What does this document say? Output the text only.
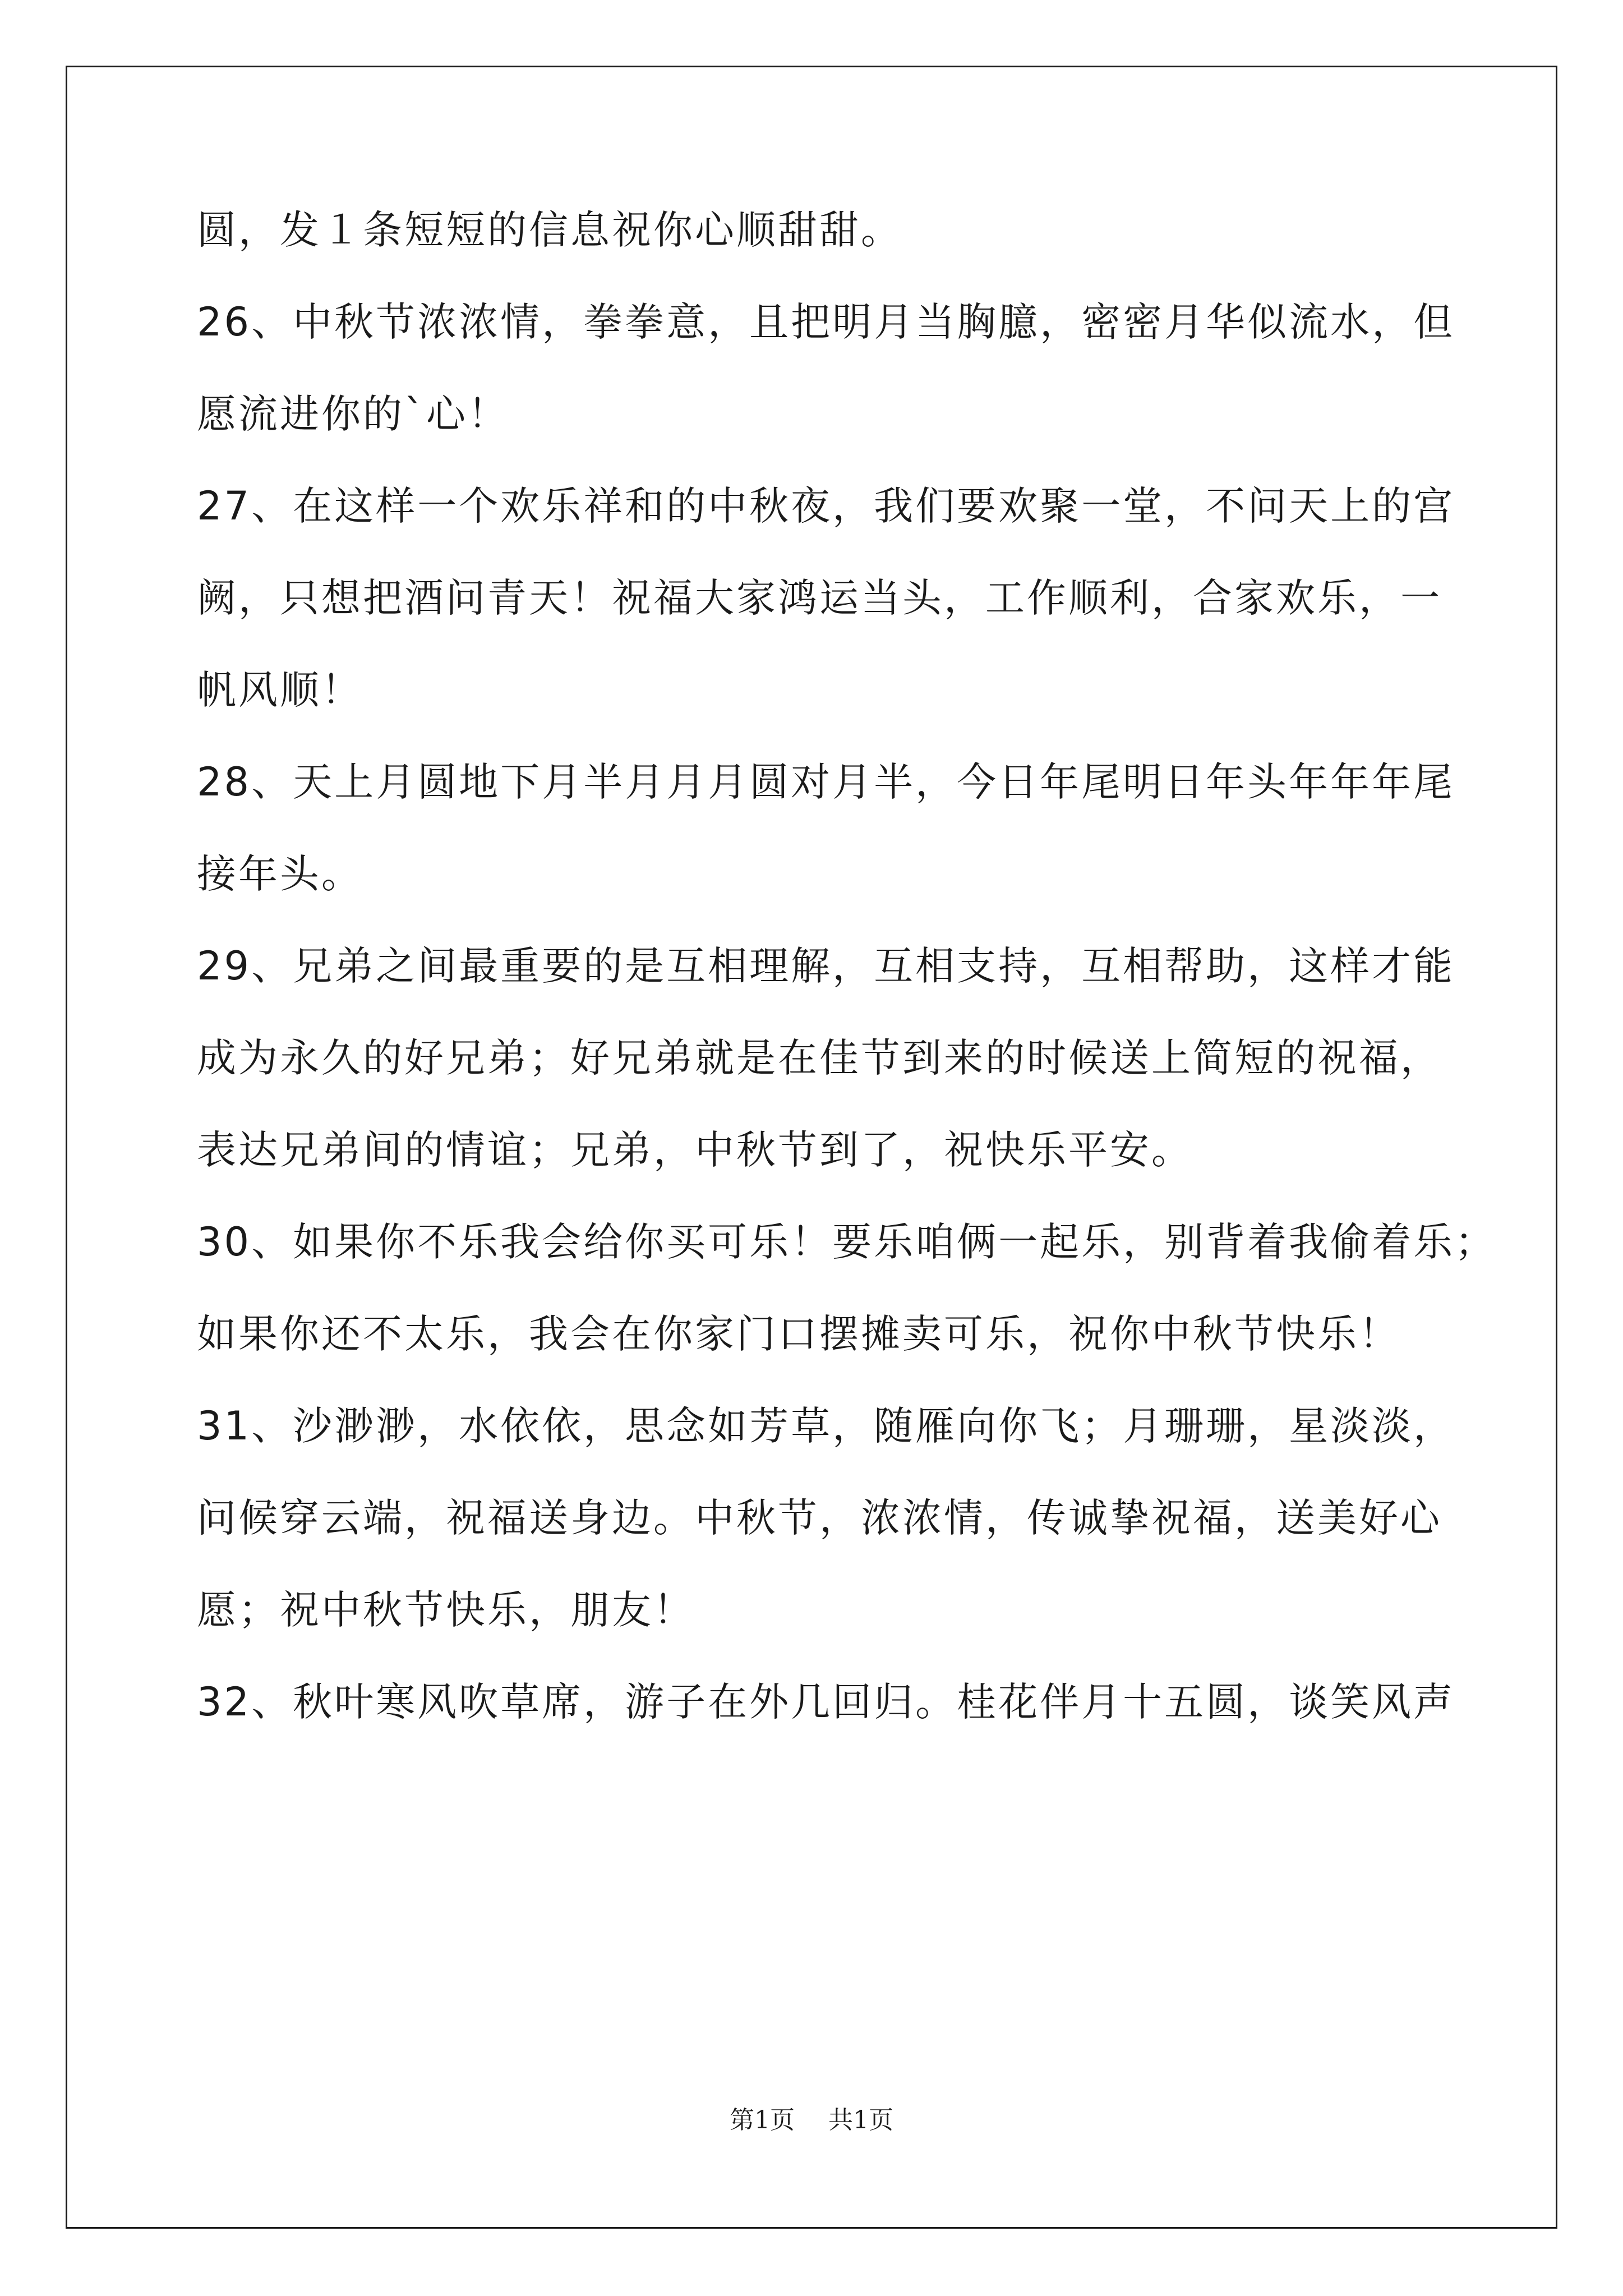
圆，发１条短短的信息祝你心顺甜甜。
26、中秋节浓浓情，拳拳意，且把明月当胸臆，密密月华似流水，但
愿流进你的`心！
27、在这样一个欢乐祥和的中秋夜，我们要欢聚一堂，不问天上的宫
阙，只想把酒问青天！祝福大家鸿运当头，工作顺利，合家欢乐，一
帆风顺！
28、天上月圆地下月半月月月圆对月半，今日年尾明日年头年年年尾
接年头。
29、兄弟之间最重要的是互相理解，互相支持，互相帮助，这样才能
成为永久的好兄弟；好兄弟就是在佳节到来的时候送上简短的祝福，
表达兄弟间的情谊；兄弟，中秋节到了，祝快乐平安。
30、如果你不乐我会给你买可乐！要乐咱俩一起乐，别背着我偷着乐；
如果你还不太乐，我会在你家门口摆摊卖可乐，祝你中秋节快乐！
31、沙渺渺，水依依，思念如芳草，随雁向你飞；月珊珊，星淡淡，
问候穿云端，祝福送身边。中秋节，浓浓情，传诚挚祝福，送美好心
愿；祝中秋节快乐，朋友！
32、秋叶寒风吹草席，游子在外几回归。桂花伴月十五圆，谈笑风声
第1页 共1页
